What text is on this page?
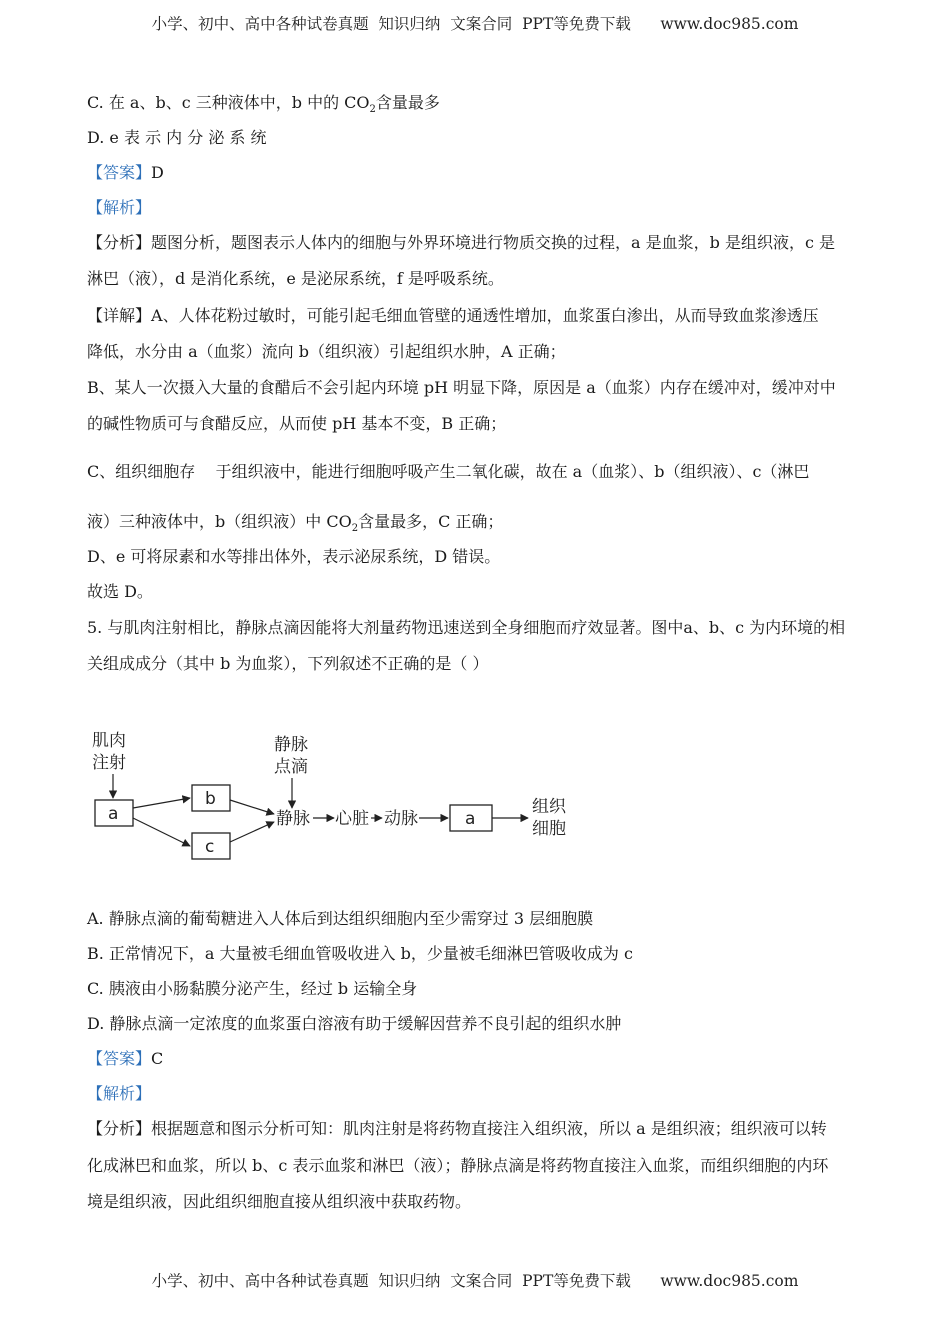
小学、初中、高中各种试卷真题  知识归纳  文案合同  PPT等免费下载      www.doc985.com
C. 在 a、b、c 三种液体中，b 中的 $CO_2$含量最多
D. e 表 示 内 分 泌 系 统
【答案】D
【解析】
【分析】题图分析，题图表示人体内的细胞与外界环境进行物质交换的过程，a 是血浆，b 是组织液，c 是
淋巴（液），d 是消化系统，e 是泌尿系统，f 是呼吸系统。
【详解】A、人体花粉过敏时，可能引起毛细血管壁的通透性增加，血浆蛋白渗出，从而导致血浆渗透压
降低，水分由 a（血浆）流向 b（组织液）引起组织水肿，A 正确；
B、某人一次摄入大量的食醋后不会引起内环境 pH 明显下降，原因是 a（血浆）内存在缓冲对，缓冲对中
的碱性物质可与食醋反应，从而使 pH 基本不变，B 正确；
C、组织细胞存    于组织液中，能进行细胞呼吸产生二氧化碳，故在 a（血浆）、b（组织液）、c（淋巴
液）三种液体中，b（组织液）中 $CO_2$含量最多，C 正确；
D、e 可将尿素和水等排出体外，表示泌尿系统，D 错误。
故选 D。
5. 与肌肉注射相比，静脉点滴因能将大剂量药物迅速送到全身细胞而疗效显著。图中a、b、c 为内环境的相
关组成成分（其中 b 为血浆），下列叙述不正确的是（ ）
肌肉
注射
a
b
c
静脉
点滴
静脉 心脏 动脉	a
组织
细胞
A. 静脉点滴的葡萄糖进入人体后到达组织细胞内至少需穿过 3 层细胞膜
B. 正常情况下，a 大量被毛细血管吸收进入 b，少量被毛细淋巴管吸收成为 c
C. 胰液由小肠黏膜分泌产生，经过 b 运输全身
D. 静脉点滴一定浓度的血浆蛋白溶液有助于缓解因营养不良引起的组织水肿
【答案】C
【解析】
【分析】根据题意和图示分析可知：肌肉注射是将药物直接注入组织液，所以 a 是组织液；组织液可以转
化成淋巴和血浆，所以 b、c 表示血浆和淋巴（液）；静脉点滴是将药物直接注入血浆，而组织细胞的内环
境是组织液，因此组织细胞直接从组织液中获取药物。
小学、初中、高中各种试卷真题  知识归纳  文案合同  PPT等免费下载      www.doc985.com
